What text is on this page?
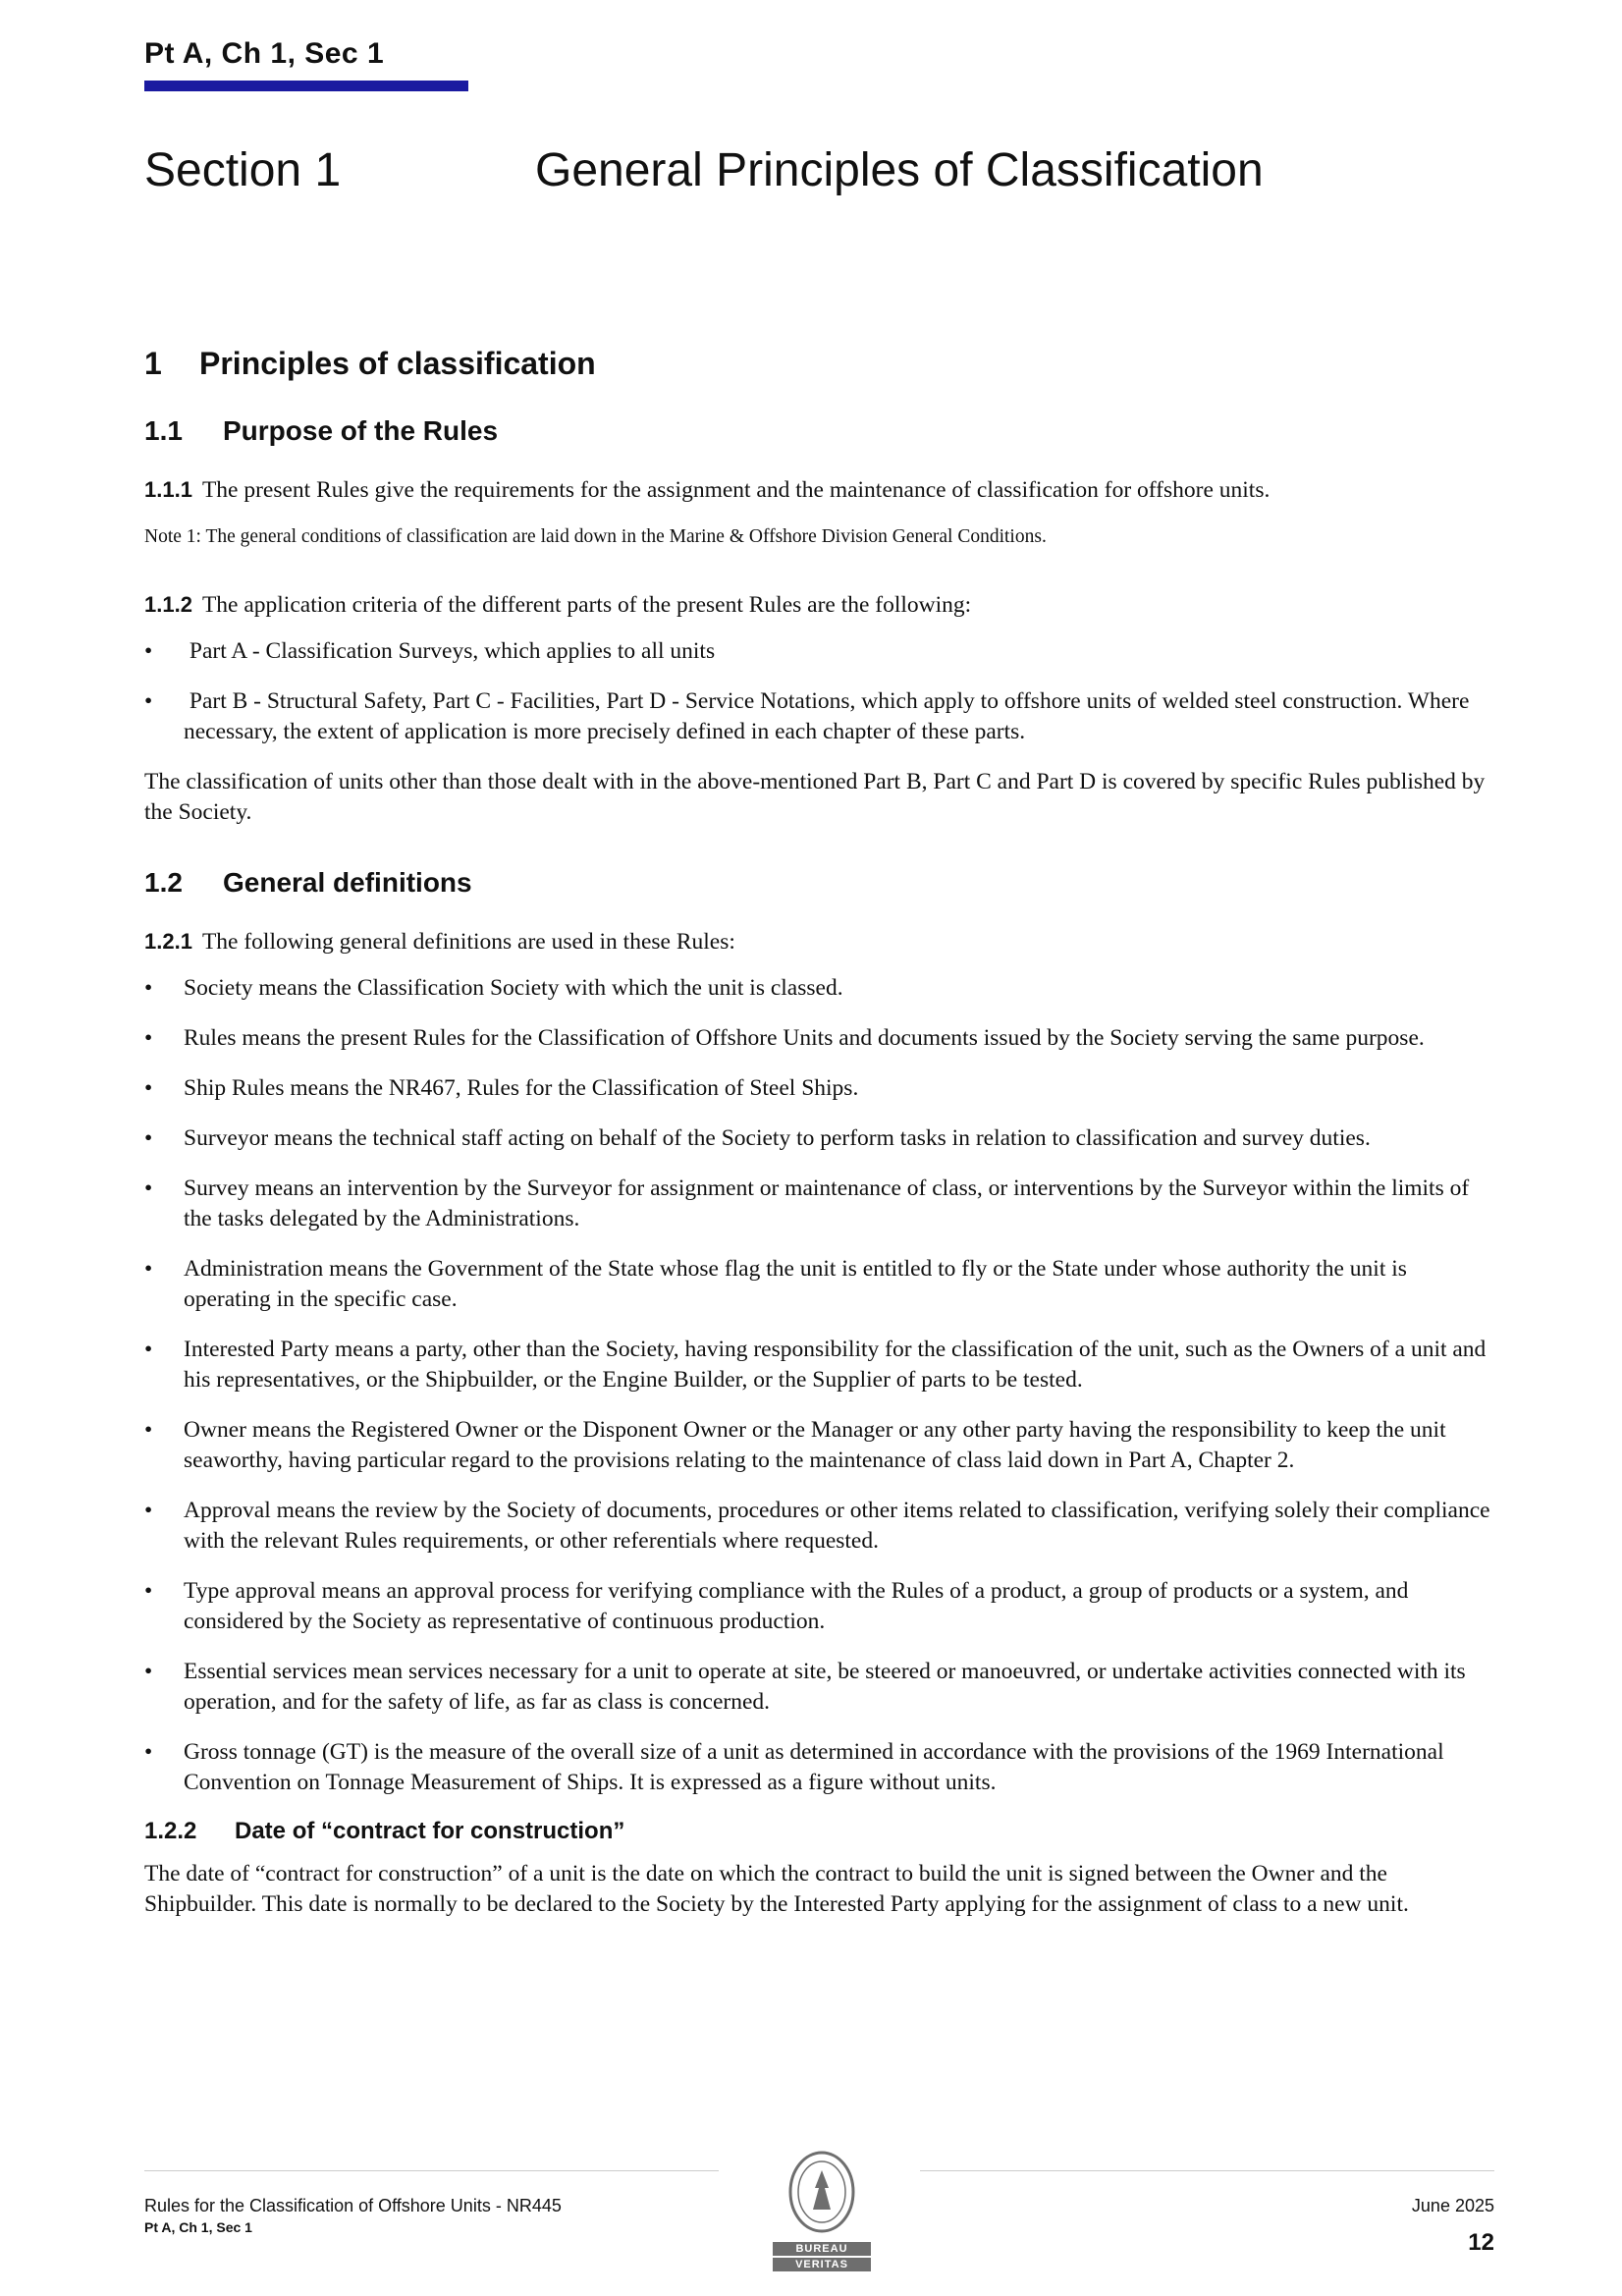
Pt A, Ch 1, Sec 1
Section 1	General Principles of Classification
1 Principles of classification
1.1 Purpose of the Rules

1.1.1 The present Rules give the requirements for the assignment and the maintenance of classification for offshore units.

Note 1: The general conditions of classification are laid down in the Marine & Offshore Division General Conditions.

1.1.2 The application criteria of the different parts of the present Rules are the following:

• Part A - Classification Surveys, which applies to all units
• Part B - Structural Safety, Part C - Facilities, Part D - Service Notations, which apply to offshore units of welded steel construction. Where necessary, the extent of application is more precisely defined in each chapter of these parts.

The classification of units other than those dealt with in the above-mentioned Part B, Part C and Part D is covered by specific Rules published by the Society.

1.2 General definitions

1.2.1 The following general definitions are used in these Rules:

• Society means the Classification Society with which the unit is classed.
• Rules means the present Rules for the Classification of Offshore Units and documents issued by the Society serving the same purpose.
• Ship Rules means the NR467, Rules for the Classification of Steel Ships.
• Surveyor means the technical staff acting on behalf of the Society to perform tasks in relation to classification and survey duties.
• Survey means an intervention by the Surveyor for assignment or maintenance of class, or interventions by the Surveyor within the limits of the tasks delegated by the Administrations.
• Administration means the Government of the State whose flag the unit is entitled to fly or the State under whose authority the unit is operating in the specific case.
• Interested Party means a party, other than the Society, having responsibility for the classification of the unit, such as the Owners of a unit and his representatives, or the Shipbuilder, or the Engine Builder, or the Supplier of parts to be tested.
• Owner means the Registered Owner or the Disponent Owner or the Manager or any other party having the responsibility to keep the unit seaworthy, having particular regard to the provisions relating to the maintenance of class laid down in Part A, Chapter 2.
• Approval means the review by the Society of documents, procedures or other items related to classification, verifying solely their compliance with the relevant Rules requirements, or other referentials where requested.
• Type approval means an approval process for verifying compliance with the Rules of a product, a group of products or a system, and considered by the Society as representative of continuous production.
• Essential services mean services necessary for a unit to operate at site, be steered or manoeuvred, or undertake activities connected with its operation, and for the safety of life, as far as class is concerned.
• Gross tonnage (GT) is the measure of the overall size of a unit as determined in accordance with the provisions of the 1969 International Convention on Tonnage Measurement of Ships. It is expressed as a figure without units.
1.2.2 Date of “contract for construction”

The date of “contract for construction” of a unit is the date on which the contract to build the unit is signed between the Owner and the Shipbuilder. This date is normally to be declared to the Society by the Interested Party applying for the assignment of class to a new unit.

Rules for the Classification of Offshore Units - NR445
Pt A, Ch 1, Sec 1
June 2025
12
BUREAU
VERITAS
